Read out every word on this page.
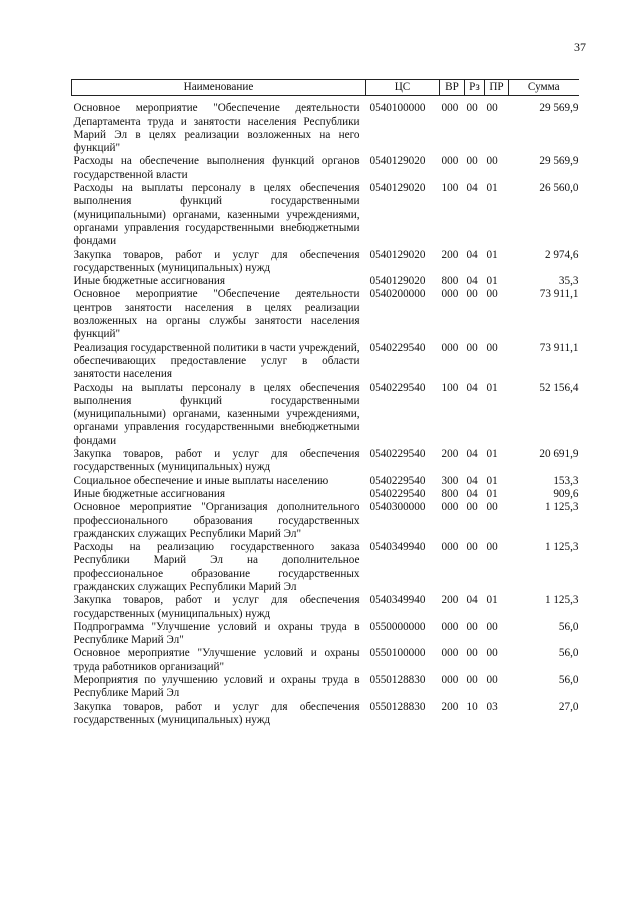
37
Наименование	ЦС	ВР	Рз	ПР	Сумма
Основное мероприятие "Обеспечение деятельности Департамента труда и занятости населения Республики Марий Эл в целях реализации возложенных на него функций"	0540100000	000	00	00	29 569,9
Расходы на обеспечение выполнения функций органов государственной власти	0540129020	000	00	00	29 569,9
Расходы на выплаты персоналу в целях обеспечения выполнения функций государственными (муниципальными) органами, казенными учреждениями, органами управления государственными внебюджетными фондами	0540129020	100	04	01	26 560,0
Закупка товаров, работ и услуг для обеспечения государственных (муниципальных) нужд	0540129020	200	04	01	2 974,6
Иные бюджетные ассигнования	0540129020	800	04	01	35,3
Основное мероприятие "Обеспечение деятельности центров занятости населения в целях реализации возложенных на органы службы занятости населения функций"	0540200000	000	00	00	73 911,1
Реализация государственной политики в части учреждений, обеспечивающих предоставление услуг в области занятости населения	0540229540	000	00	00	73 911,1
Расходы на выплаты персоналу в целях обеспечения выполнения функций государственными (муниципальными) органами, казенными учреждениями, органами управления государственными внебюджетными фондами	0540229540	100	04	01	52 156,4
Закупка товаров, работ и услуг для обеспечения государственных (муниципальных) нужд	0540229540	200	04	01	20 691,9
Социальное обеспечение и иные выплаты населению	0540229540	300	04	01	153,3
Иные бюджетные ассигнования	0540229540	800	04	01	909,6
Основное мероприятие "Организация дополнительного профессионального образования государственных гражданских служащих Республики Марий Эл"	0540300000	000	00	00	1 125,3
Расходы на реализацию государственного заказа Республики Марий Эл на дополнительное профессиональное образование государственных гражданских служащих Республики Марий Эл	0540349940	000	00	00	1 125,3
Закупка товаров, работ и услуг для обеспечения государственных (муниципальных) нужд	0540349940	200	04	01	1 125,3
Подпрограмма "Улучшение условий и охраны труда в Республике Марий Эл"	0550000000	000	00	00	56,0
Основное мероприятие "Улучшение условий и охраны труда работников организаций"	0550100000	000	00	00	56,0
Мероприятия по улучшению условий и охраны труда в Республике Марий Эл	0550128830	000	00	00	56,0
Закупка товаров, работ и услуг для обеспечения государственных (муниципальных) нужд	0550128830	200	10	03	27,0
